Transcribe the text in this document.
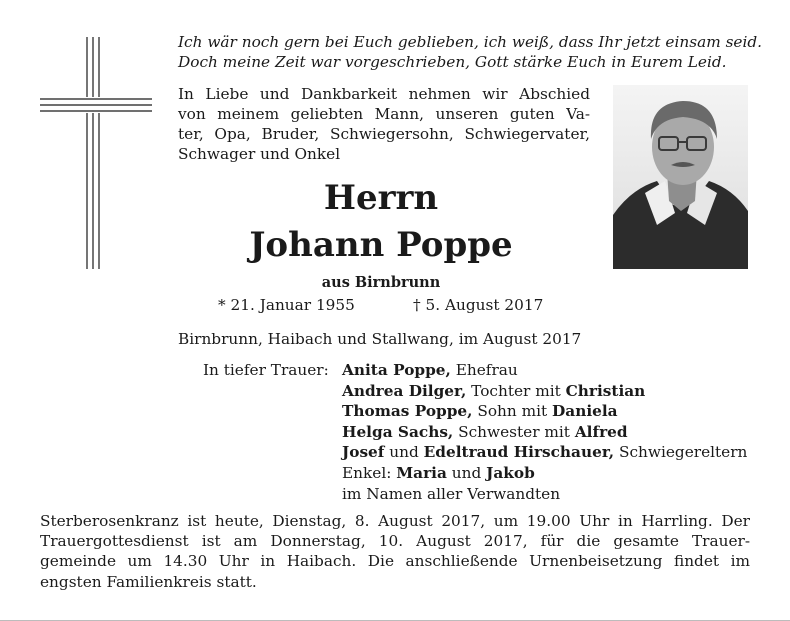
Ich wär noch gern bei Euch geblieben, ich weiß, dass Ihr jetzt einsam seid.
Doch meine Zeit war vorgeschrieben, Gott stärke Euch in Eurem Leid.
In Liebe und Dankbarkeit nehmen wir Abschied
von meinem geliebten Mann, unseren guten Va-
ter, Opa, Bruder, Schwiegersohn, Schwiegervater,
Schwager und Onkel
Herrn
Johann Poppe
aus Birnbrunn
* 21. Januar 1955	† 5. August 2017
Birnbrunn, Haibach und Stallwang, im August 2017
In tiefer Trauer: Anita Poppe, Ehefrau
Andrea Dilger, Tochter mit Christian
Thomas Poppe, Sohn mit Daniela
Helga Sachs, Schwester mit Alfred
Josef und Edeltraud Hirschauer, Schwiegereltern
Enkel: Maria und Jakob
im Namen aller Verwandten
Sterberosenkranz ist heute, Dienstag, 8. August 2017, um 19.00 Uhr in Harrling. Der
Trauergottesdienst ist am Donnerstag, 10. August 2017, für die gesamte Trauer-
gemeinde um 14.30 Uhr in Haibach. Die anschließende Urnenbeisetzung findet im
engsten Familienkreis statt.
